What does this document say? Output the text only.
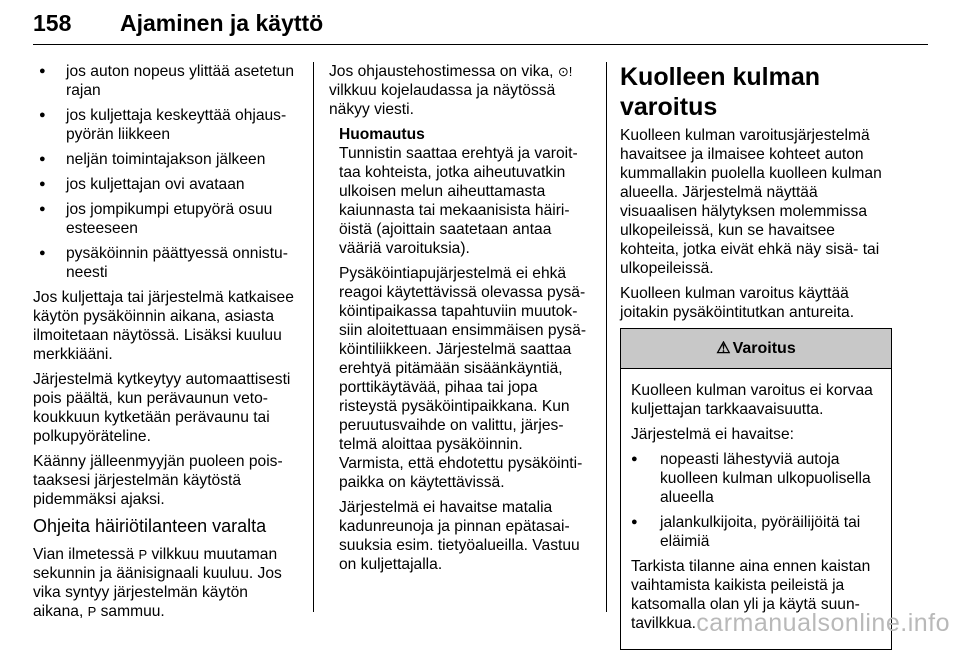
158 Ajaminen ja käyttö
● jos auton nopeus ylittää asetetun rajan
● jos kuljettaja keskeyttää ohjauspyörän liikkeen
● neljän toimintajakson jälkeen
● jos kuljettajan ovi avataan
● jos jompikumpi etupyörä osuu esteeseen
● pysäköinnin päättyessä onnistuneesti

Jos kuljettaja tai järjestelmä katkaisee käytön pysäköinnin aikana, asiasta ilmoitetaan näytössä. Lisäksi kuuluu merkkiääni.

Järjestelmä kytkeytyy automaattisesti pois päältä, kun perävaunun vetokoukkuun kytketään perävaunu tai polkupyöräteline.

Käänny jälleenmyyjän puoleen poistaaksesi järjestelmän käytöstä pidemmäksi ajaksi.

Ohjeita häiriötilanteen varalta

Vian ilmetessä P vilkkuu muutaman sekunnin ja äänisignaali kuuluu. Jos vika syntyy järjestelmän käytön aikana, P sammuu.

Jos ohjaustehostimessa on vika, ⊙! vilkkuu kojelaudassa ja näytössä näkyy viesti.

Huomautus

Tunnistin saattaa erehtyä ja varoittaa kohteista, jotka aiheutuvatkin ulkoisen melun aiheuttamasta kaiunnasta tai mekaanisista häiriöistä (ajoittain saatetaan antaa vääriä varoituksia).

Pysäköintiapujärjestelmä ei ehkä reagoi käytettävissä olevassa pysäköintipaikassa tapahtuviin muutoksiin aloitettuaan ensimmäisen pysäköintiliikkeen. Järjestelmä saattaa erehtyä pitämään sisäänkäyntiä, porttikäytävää, pihaa tai jopa risteystä pysäköintipaikkana. Kun peruutusvaihde on valittu, järjestelmä aloittaa pysäköinnin. Varmista, että ehdotettu pysäköintipaikka on käytettävissä.

Järjestelmä ei havaitse matalia kadunreunoja ja pinnan epätasaisuuksia esim. tietyöalueilla. Vastuu on kuljettajalla.

Kuolleen kulman varoitus

Kuolleen kulman varoitusjärjestelmä havaitsee ja ilmaisee kohteet auton kummallakin puolella kuolleen kulman alueella. Järjestelmä näyttää visuaalisen hälytyksen molemmissa ulkopeileissä, kun se havaitsee kohteita, jotka eivät ehkä näy sisä- tai ulkopeileissä.

Kuolleen kulman varoitus käyttää joitakin pysäköintitutkan antureita.

⚠ Varoitus

Kuolleen kulman varoitus ei korvaa kuljettajan tarkkaavaisuutta.

Järjestelmä ei havaitse:

● nopeasti lähestyviä autoja kuolleen kulman ulkopuolisella alueella
● jalankulkijoita, pyöräilijöitä tai eläimiä

Tarkista tilanne aina ennen kaistan vaihtamista kaikista peileistä ja katsomalla olan yli ja käytä suuntavilkkua. carmanualsonline.info
